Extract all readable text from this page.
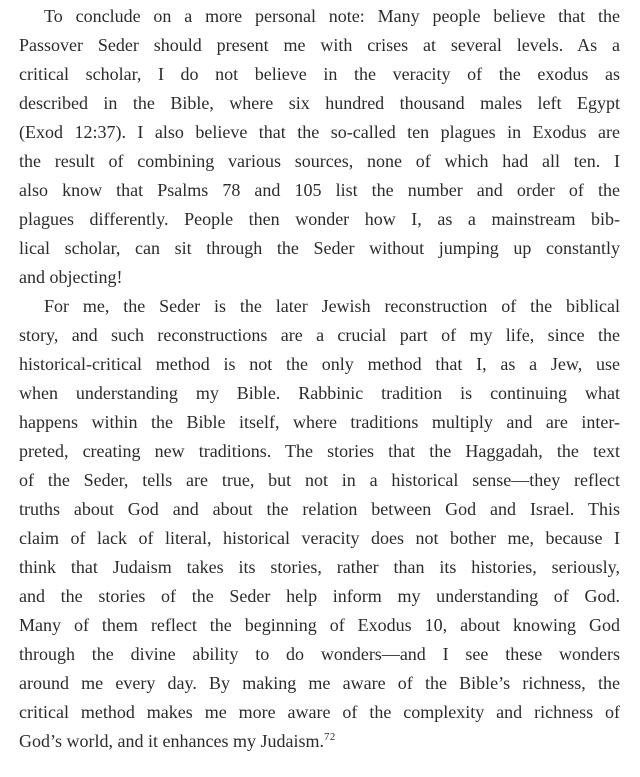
To conclude on a more personal note: Many people believe that the
Passover Seder should present me with crises at several levels. As a
critical scholar, I do not believe in the veracity of the exodus as
described in the Bible, where six hundred thousand males left Egypt
(Exod 12:37). I also believe that the so-called ten plagues in Exodus are
the result of combining various sources, none of which had all ten. I
also know that Psalms 78 and 105 list the number and order of the
plagues differently. People then wonder how I, as a mainstream bib-
lical scholar, can sit through the Seder without jumping up constantly
and objecting!
For me, the Seder is the later Jewish reconstruction of the biblical
story, and such reconstructions are a crucial part of my life, since the
historical-critical method is not the only method that I, as a Jew, use
when understanding my Bible. Rabbinic tradition is continuing what
happens within the Bible itself, where traditions multiply and are inter-
preted, creating new traditions. The stories that the Haggadah, the text
of the Seder, tells are true, but not in a historical sense—they reflect
truths about God and about the relation between God and Israel. This
claim of lack of literal, historical veracity does not bother me, because I
think that Judaism takes its stories, rather than its histories, seriously,
and the stories of the Seder help inform my understanding of God.
Many of them reflect the beginning of Exodus 10, about knowing God
through the divine ability to do wonders—and I see these wonders
around me every day. By making me aware of the Bible’s richness, the
critical method makes me more aware of the complexity and richness of
God’s world, and it enhances my Judaism.$^{72}$
